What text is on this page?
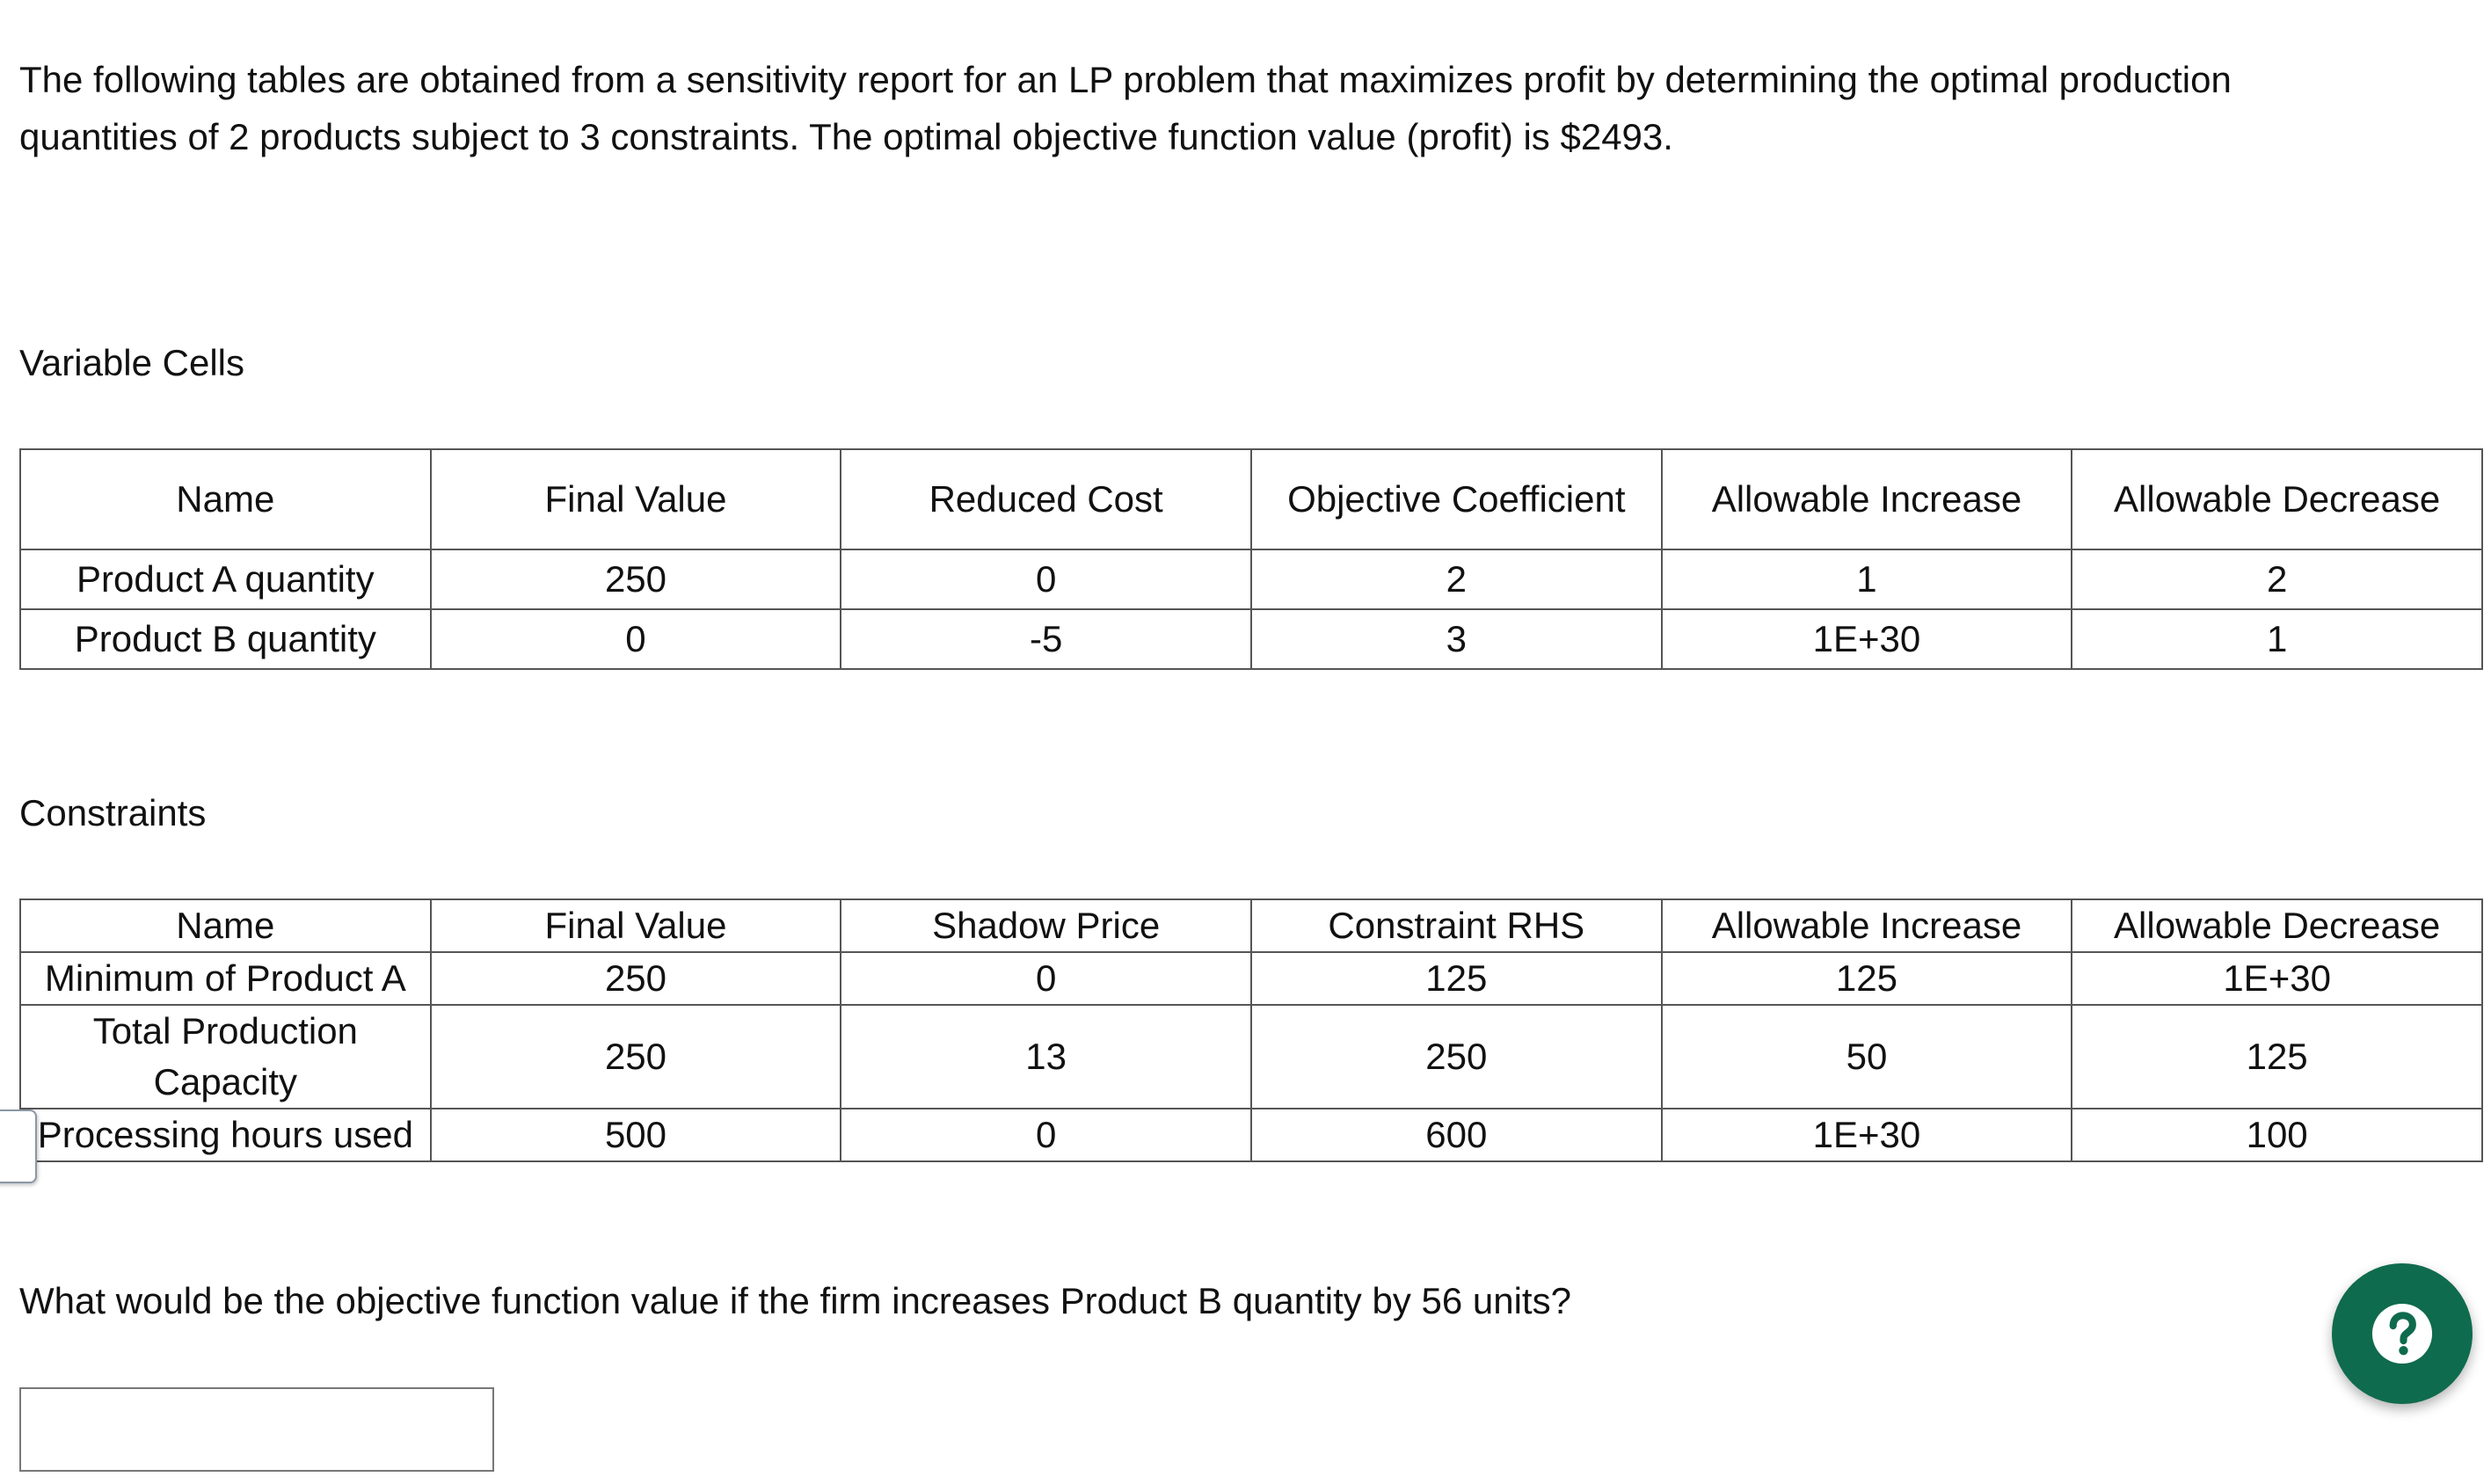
The following tables are obtained from a sensitivity report for an LP problem that maximizes profit by determining the optimal production quantities of 2 products subject to 3 constraints. The optimal objective function value (profit) is $2493.

Variable Cells

Name	Final Value	Reduced Cost	Objective Coefficient	Allowable Increase	Allowable Decrease
Product A quantity	250	0	2	1	2
Product B quantity	0	-5	3	1E+30	1

Constraints

Name	Final Value	Shadow Price	Constraint RHS	Allowable Increase	Allowable Decrease
Minimum of Product A	250	0	125	125	1E+30
Total Production Capacity	250	13	250	50	125
Processing hours used	500	0	600	1E+30	100

What would be the objective function value if the firm increases Product B quantity by 56 units?
